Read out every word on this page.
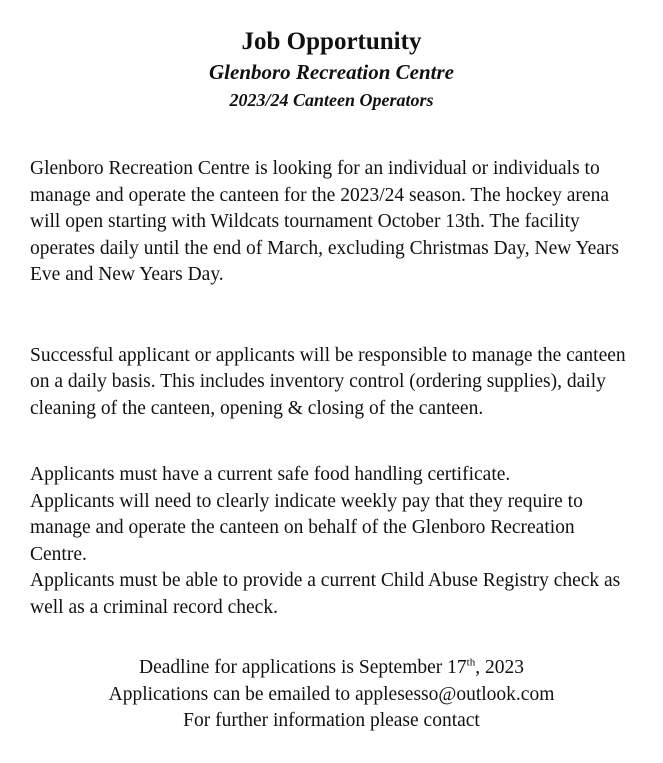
Job Opportunity
Glenboro Recreation Centre
2023/24 Canteen Operators

Glenboro Recreation Centre is looking for an individual or individuals to manage and operate the canteen for the 2023/24 season. The hockey arena will open starting with Wildcats tournament October 13th. The facility operates daily until the end of March, excluding Christmas Day, New Years Eve and New Years Day.

Successful applicant or applicants will be responsible to manage the canteen on a daily basis. This includes inventory control (ordering supplies), daily cleaning of the canteen, opening & closing of the canteen.

Applicants must have a current safe food handling certificate.

Applicants will need to clearly indicate weekly pay that they require to manage and operate the canteen on behalf of the Glenboro Recreation Centre.

Applicants must be able to provide a current Child Abuse Registry check as well as a criminal record check.

Deadline for applications is September 17th, 2023
Applications can be emailed to applesesso@outlook.com
For further information please contact
